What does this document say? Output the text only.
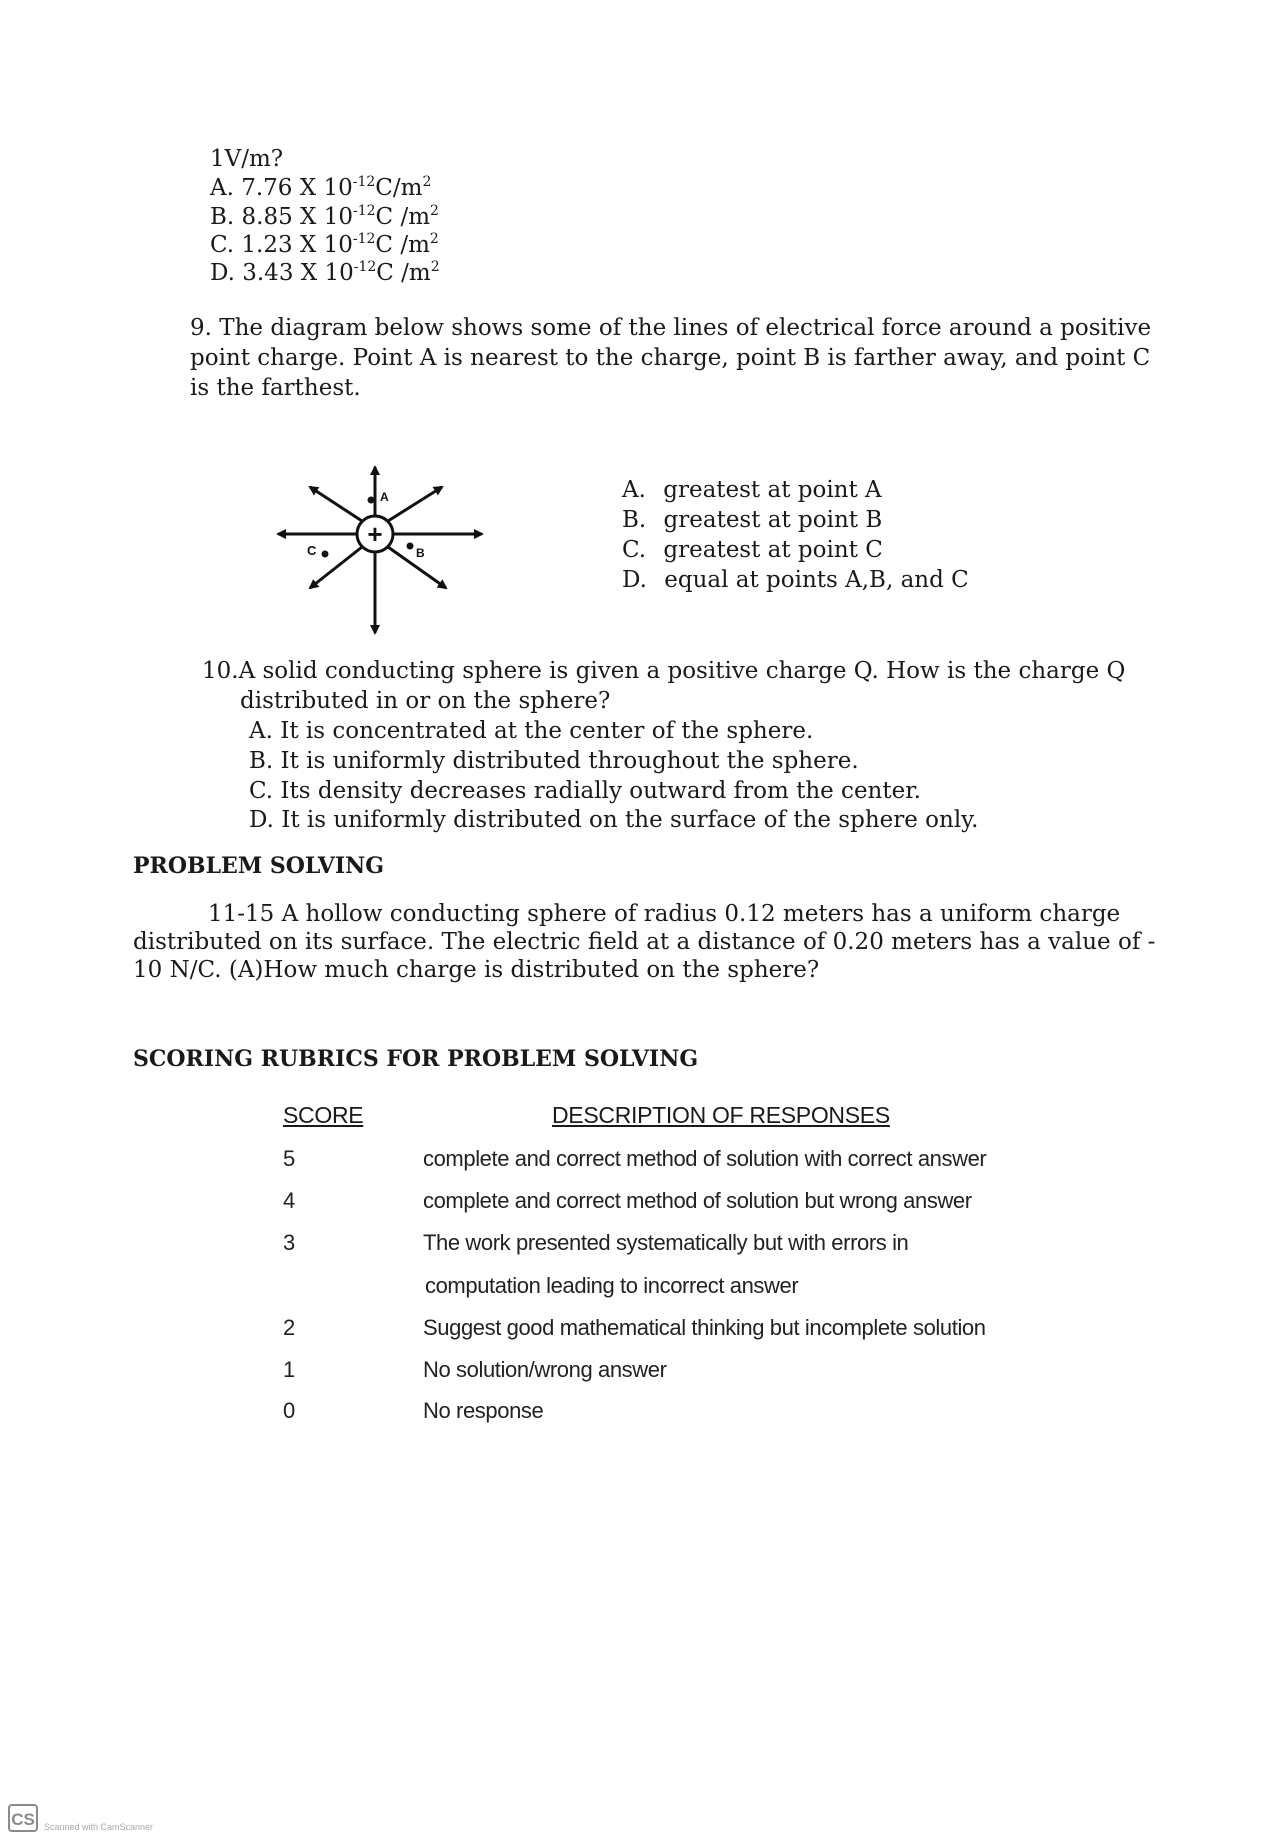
1V/m?
A. 7.76 X $10^{-12}C/m^2$
B. 8.85 X $10^{-12}C$ $/m^2$
C. 1.23 X $10^{-12}C$ $/m^2$
D. 3.43 X $10^{-12}C$ $/m^2$
9. The diagram below shows some of the lines of electrical force around a positive
point charge. Point A is nearest to the charge, point B is farther away, and point C
is the farthest.
+
A
B
C
A. greatest at point A
B. greatest at point B
C. greatest at point C
D. equal at points A,B, and C
10.A solid conducting sphere is given a positive charge Q. How is the charge Q
distributed in or on the sphere?
A. It is concentrated at the center of the sphere.
B. It is uniformly distributed throughout the sphere.
C. Its density decreases radially outward from the center.
D. It is uniformly distributed on the surface of the sphere only.
PROBLEM SOLVING
11-15 A hollow conducting sphere of radius 0.12 meters has a uniform charge
distributed on its surface. The electric field at a distance of 0.20 meters has a value of -
10 N/C. (A)How much charge is distributed on the sphere?
SCORING RUBRICS FOR PROBLEM SOLVING
SCORE	DESCRIPTION OF RESPONSES
5	complete and correct method of solution with correct answer
4	complete and correct method of solution but wrong answer
3	The work presented systematically but with errors in
computation leading to incorrect answer
2	Suggest good mathematical thinking but incomplete solution
1	No solution/wrong answer
0	No response
CS	Scanned with CamScanner
